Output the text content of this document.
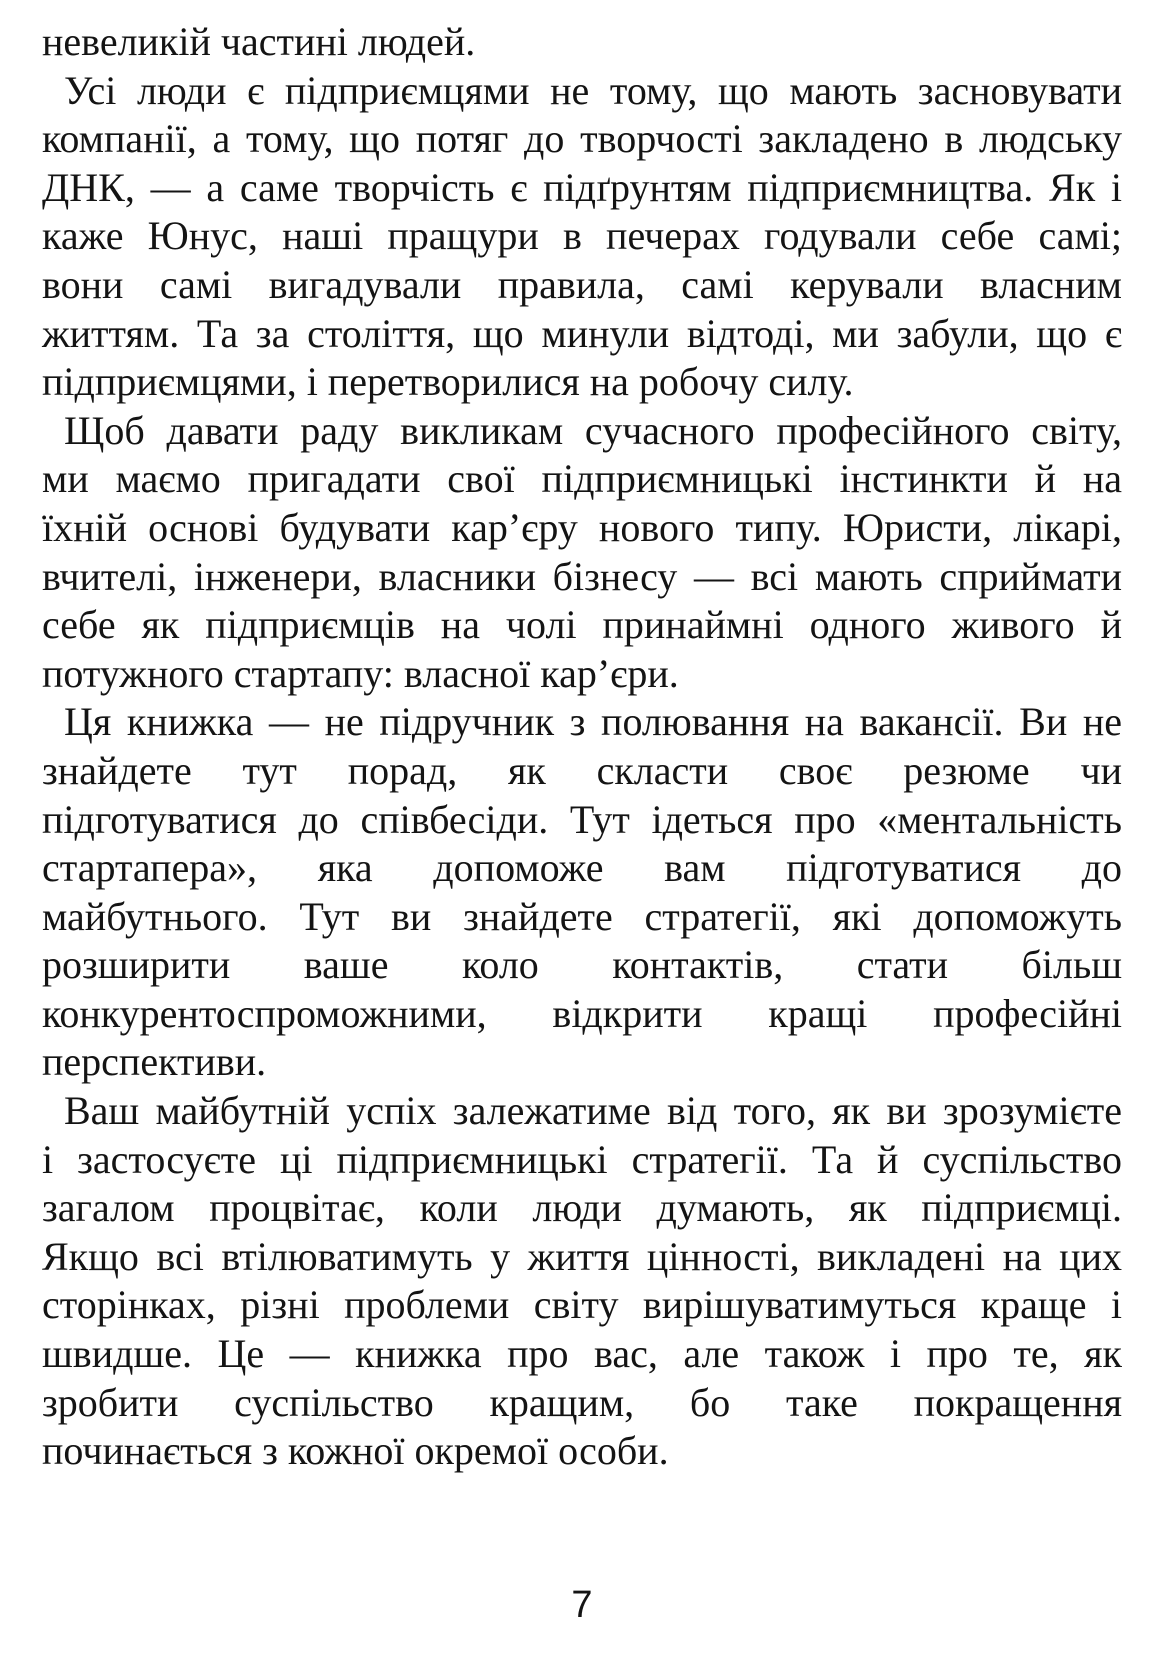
невеликій частині людей.
Усі люди є підприємцями не тому, що мають засновувати
компанії, а тому, що потяг до творчості закладено в людську
ДНК, — а саме творчість є підґрунтям підприємництва. Як і
каже Юнус, наші пращури в печерах годували себе самі;
вони самі вигадували правила, самі керували власним
життям. Та за століття, що минули відтоді, ми забули, що є
підприємцями, і перетворилися на робочу силу.
Щоб давати раду викликам сучасного професійного світу,
ми маємо пригадати свої підприємницькі інстинкти й на
їхній основі будувати кар’єру нового типу. Юристи, лікарі,
вчителі, інженери, власники бізнесу — всі мають сприймати
себе як підприємців на чолі принаймні одного живого й
потужного стартапу: власної кар’єри.
Ця книжка — не підручник з полювання на вакансії. Ви не
знайдете тут порад, як скласти своє резюме чи
підготуватися до співбесіди. Тут ідеться про «ментальність
стартапера», яка допоможе вам підготуватися до
майбутнього. Тут ви знайдете стратегії, які допоможуть
розширити ваше коло контактів, стати більш
конкурентоспроможними, відкрити кращі професійні
перспективи.
Ваш майбутній успіх залежатиме від того, як ви зрозумієте
і застосуєте ці підприємницькі стратегії. Та й суспільство
загалом процвітає, коли люди думають, як підприємці.
Якщо всі втілюватимуть у життя цінності, викладені на цих
сторінках, різні проблеми світу вирішуватимуться краще і
швидше. Це — книжка про вас, але також і про те, як
зробити суспільство кращим, бо таке покращення
починається з кожної окремої особи.
7
